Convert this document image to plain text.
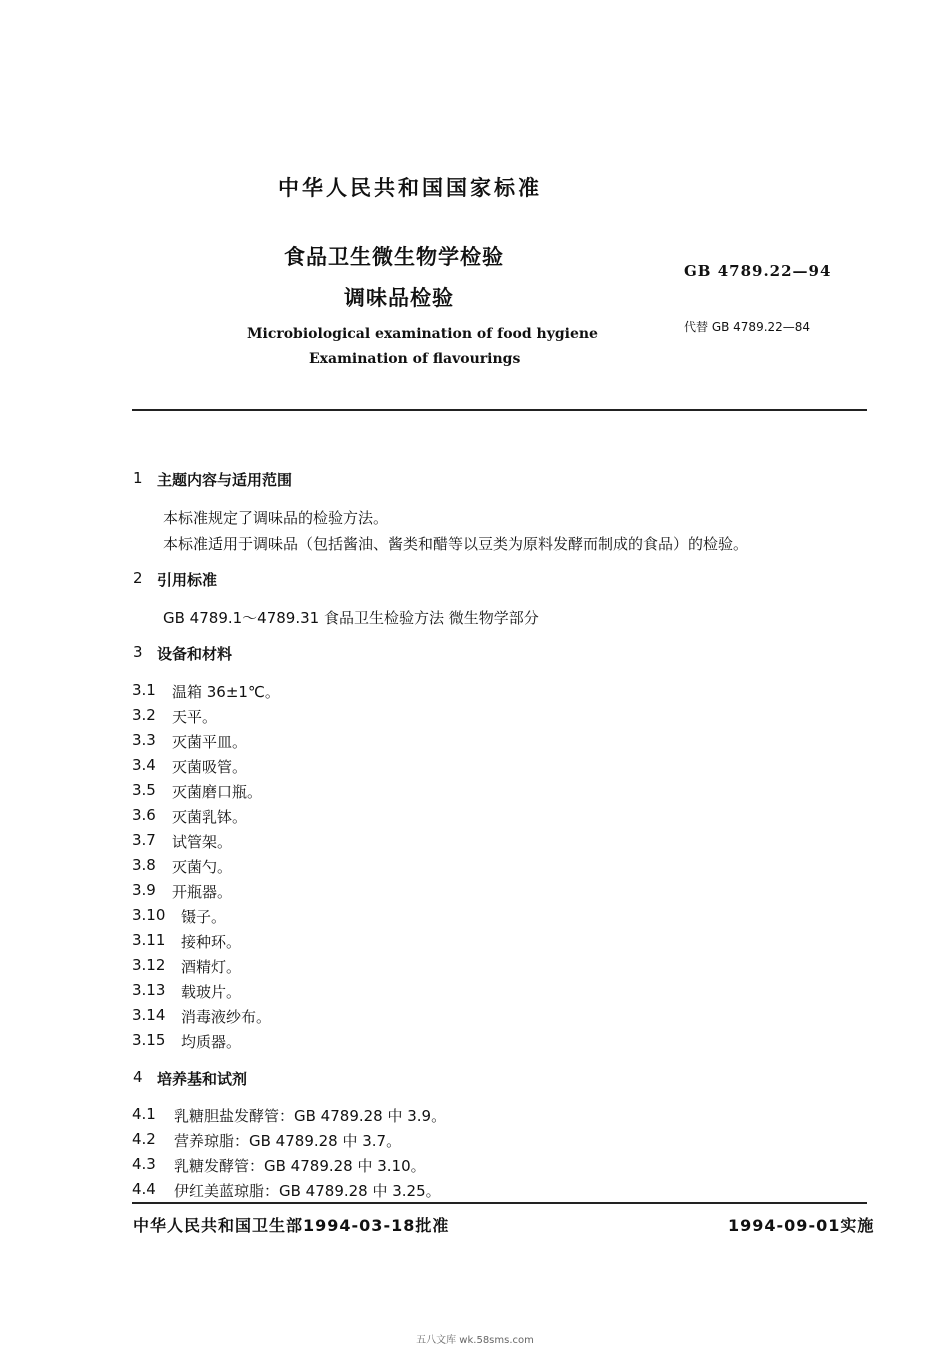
中华人民共和国国家标准
食品卫生微生物学检验
调味品检验
GB 4789.22—94
代替 GB 4789.22—84
Microbiological examination of food hygiene
Examination of flavourings
1 主题内容与适用范围
本标准规定了调味品的检验方法。
本标准适用于调味品（包括酱油、酱类和醋等以豆类为原料发酵而制成的食品）的检验。
2 引用标准
GB 4789.1～4789.31 食品卫生检验方法 微生物学部分
3 设备和材料
3.1 温箱 36±1℃。
3.2 天平。
3.3 灭菌平皿。
3.4 灭菌吸管。
3.5 灭菌磨口瓶。
3.6 灭菌乳钵。
3.7 试管架。
3.8 灭菌勺。
3.9 开瓶器。
3.10 镊子。
3.11 接种环。
3.12 酒精灯。
3.13 载玻片。
3.14 消毒液纱布。
3.15 均质器。
4 培养基和试剂
4.1 乳糖胆盐发酵管：GB 4789.28 中 3.9。
4.2 营养琼脂：GB 4789.28 中 3.7。
4.3 乳糖发酵管：GB 4789.28 中 3.10。
4.4 伊红美蓝琼脂：GB 4789.28 中 3.25。
中华人民共和国卫生部1994-03-18批准	1994-09-01实施
五八文库 wk.58sms.com
